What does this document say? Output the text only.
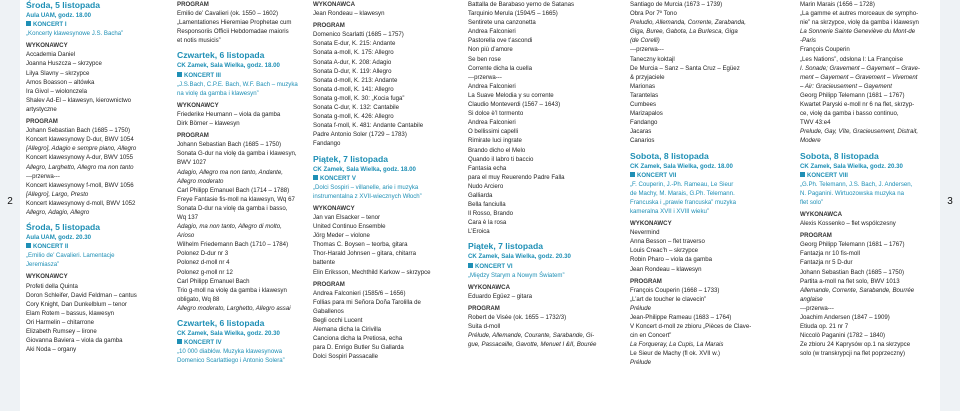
2	3
Środa, 5 listopada
Aula UAM, godz. 18.00
KONCERT I
„Koncerty klawesynowe J.S. Bacha”
WYKONAWCY
Accademia Daniel
Joanna Huszcza – skrzypce
Lilya Slavny – skrzypce
Amos Boasson – altówka
Ira Givol – wiolonczela
Shalev Ad-El – klawesyn, kierownictwo
artystyczne
PROGRAM
Johann Sebastian Bach (1685 – 1750)
Koncert klawesynowy D-dur, BWV 1054
[Allegro], Adagio e sempre piano, Allegro
Koncert klawesynowy A-dur, BWV 1055
Allegro, Larghetto, Allegro ma non tanto
---przerwa---
Koncert klawesynowy f-moll, BWV 1056
[Allegro], Largo, Presto
Koncert klawesynowy d-moll, BWV 1052
Allegro, Adagio, Allegro
Środa, 5 listopada
Aula UAM, godz. 20.30
KONCERT II
„Emilio de’ Cavalieri. Lamentacje
Jeremiasza”
WYKONAWCY
Profeti della Quinta
Doron Schleifer, David Feldman – cantus
Cory Knight, Dan Dunkelblum – tenor
Elam Rotem – bassus, klawesyn
Ori Harmelin – chitarrone
Elizabeth Rumsey – lirone
Giovanna Baviera – viola da gamba
Aki Noda – organy
PROGRAM
Emilio de’ Cavalieri (ok. 1550 – 1602)
„Lamentationes Hieremiae Prophetae cum
Responsoriis Officii Hebdomadae maioris
et notis musicis”
Czwartek, 6 listopada
CK Zamek, Sala Wielka, godz. 18.00
KONCERT III
„J.S.Bach, C.P.E. Bach, W.F. Bach – muzyka
na violę da gamba i klawesyn”
WYKONAWCY
Friederike Heumann – viola da gamba
Dirk Börner – klawesyn
PROGRAM
Johann Sebastian Bach (1685 – 1750)
Sonata G-dur na violę da gamba i klawesyn,
BWV 1027
Adagio, Allegro ma non tanto, Andante,
Allegro moderato
Carl Philipp Emanuel Bach (1714 – 1788)
Freye Fantasie fis-moll na klawesyn, Wq 67
Sonata D-dur na violę da gamba i basso,
Wq 137
Adagio, ma non tanto, Allegro di molto,
Arioso
Wilhelm Friedemann Bach (1710 – 1784)
Polonez D-dur nr 3
Polonez d-moll nr 4
Polonez g-moll nr 12
Carl Philipp Emanuel Bach
Trio g-moll na violę da gamba i klawesyn
obligato, Wq 88
Allegro moderato, Larghetto, Allegro assai
Czwartek, 6 listopada
CK Zamek, Sala Wielka, godz. 20.30
KONCERT IV
„10 000 diabłów. Muzyka klawesynowa
Domenico Scarlattiego i Antonio Solera”
WYKONAWCA
Jean Rondeau – klawesyn
PROGRAM
Domenico Scarlatti (1685 – 1757)
Sonata E-dur, K. 215: Andante
Sonata a-moll, K. 175: Allegro
Sonata A-dur, K. 208: Adagio
Sonata D-dur, K. 119: Allegro
Sonata d-moll, K. 213: Andante
Sonata d-moll, K. 141: Allegro
Sonata g-moll, K. 30: „Kocia fuga”
Sonata C-dur, K. 132: Cantabile
Sonata g-moll, K. 426: Allegro
Sonata f-moll, K. 481: Andante Cantabile
Padre Antonio Soler (1729 – 1783)
Fandango
Piątek, 7 listopada
CK Zamek, Sala Wielka, godz. 18.00
KONCERT V
„Dolci Sospiri – villanelle, arie i muzyka
instrumentalna z XVII-wiecznych Włoch”
WYKONAWCY
Jan van Elsacker – tenor
United Continuo Ensemble
Jörg Meder – violone
Thomas C. Boysen – teorba, gitara
Thor-Harald Johnsen – gitara, chitarra
battente
Elin Eriksson, Mechthild Karkow – skrzypce
PROGRAM
Andrea Falconieri (1585/6 – 1656)
Follias para mi Señora Doña Tarolilla de
Gaballenos
Begli occhi Lucent
Alemana dicha la Cirivilla
Canciona dicha la Pretiosa, echa
para D. Enrigo Butler Su Gallarda
Dolci Sospiri Passacalle
Battalla de Barabaso yerno de Satanas
Tarquinio Merula (1594/5 – 1665)
Sentirete una canzonetta
Andrea Falconieri
Pastorella ove t’ascondi
Non più d’amore
Se ben rose
Corrente dicha la cuella
---przerwa---
Andrea Falconieri
La Suave Melodia y su corrente
Claudio Monteverdi (1567 – 1643)
Si dolce è’l tormento
Andrea Falconieri
O bellissimi capelli
Rimirate luci ingrate
Brando dicho el Melo
Quando il labro ti baccio
Fantasia echa
para el muy Reuerendo Padre Falla
Nudo Arciero
Galliarda
Bella fanciulla
Il Rosso, Brando
Cara è la rosa
L’Eroica
Piątek, 7 listopada
CK Zamek, Sala Wielka, godz. 20.30
KONCERT VI
„Między Starym a Nowym Światem”
WYKONAWCA
Eduardo Egüez – gitara
PROGRAM
Robert de Visée (ok. 1655 – 1732/3)
Suita d-moll
Prélude, Allemande, Courante, Sarabande, Gi-
gue, Passacaille, Gavotte, Menuet I &II, Bourée
Santiago de Murcia (1673 – 1739)
Obra Por 7º Tono
Preludio, Allemanda, Corrente, Zarabanda,
Giga, Buree, Gabota, La Burlesca, Giga
(de Corelli)
---przerwa---
Taneczny koktajl
De Murcia – Sanz – Santa Cruz – Egüez
& przyjaciele
Marionas
Tarantelas
Cumbees
Marizapalos
Fandango
Jacaras
Canarios
Sobota, 8 listopada
CK Zamek, Sala Wielka, godz. 18.00
KONCERT VII
„F. Couperin, J.-Ph. Rameau, Le Sieur
de Machy, M. Marais, G.Ph. Telemann.
Francuska i „prawie francuska” muzyka
kameralna XVII i XVIII wieku”
WYKONAWCY
Nevermind
Anna Besson – flet traverso
Louis Creac’h – skrzypce
Robin Pharo – viola da gamba
Jean Rondeau – klawesyn
PROGRAM
François Couperin (1668 – 1733)
„L’art de toucher le clavecin”
Prélude
Jean-Philippe Rameau (1683 – 1764)
V Koncert d-moll ze zbioru „Pièces de Clave-
cin en Concert”
La Forqueray, La Cupis, La Marais
Le Sieur de Machy (fl ok. XVII w.)
Prélude
Marin Marais (1656 – 1728)
„La gamme et autres morceaux de sympho-
nie” na skrzypce, violę da gamba i klawesyn
La Sonnerie Sainte Geneviève du Mont-de
-Paris
François Couperin
„Les Nations”, odsłona I: La Françoise
I. Sonade; Gravement – Gayement – Grave-
ment – Gayement – Gravement – Vivement
– Air: Gracieusement – Gayement
Georg Philipp Telemann (1681 – 1767)
Kwartet Paryski e-moll nr 6 na flet, skrzyp-
ce, violę da gamba i basso continuo,
TWV 43:e4
Prelude, Gay, Vîte, Gracieusement, Distrait,
Modere
Sobota, 8 listopada
CK Zamek, Sala Wielka, godz. 20.30
KONCERT VIII
„G.Ph. Telemann, J.S. Bach, J. Andersen,
N. Paganini. Wirtuozowska muzyka na
flet solo”
WYKONAWCA
Alexis Kossenko – flet wspólczesny
PROGRAM
Georg Philipp Telemann (1681 – 1767)
Fantazja nr 10 fis-moll
Fantazja nr 5 D-dur
Johann Sebastian Bach (1685 – 1750)
Partita a-moll na flet solo, BWV 1013
Allemande, Corrente, Sarabande, Bourrée
anglaise
---przerwa---
Joachim Andersen (1847 – 1909)
Etiuda op. 21 nr 7
Niccolò Paganini (1782 – 1840)
Ze zbioru 24 Kaprysów op.1 na skrzypce
solo (w transkrypcji na flet poprzeczny)
